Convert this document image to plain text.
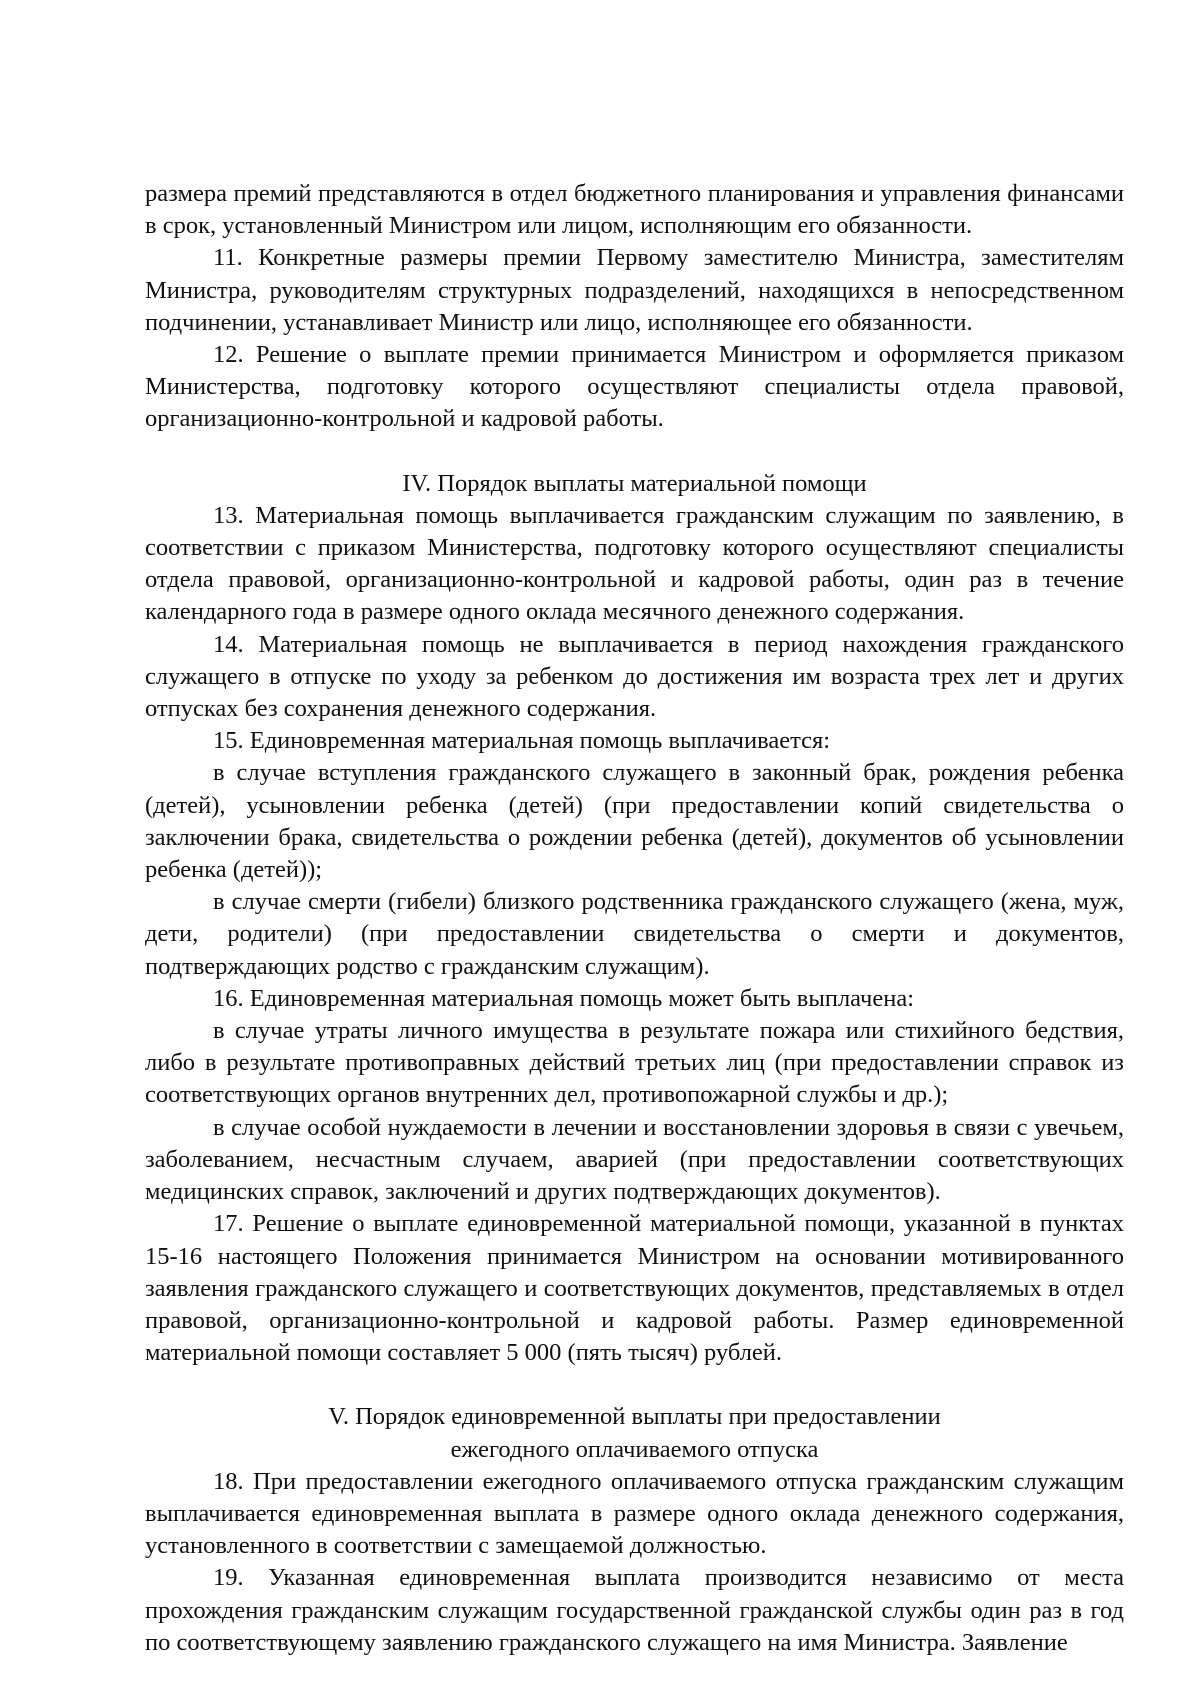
размера премий представляются в отдел бюджетного планирования и управления финансами в срок, установленный Министром или лицом, исполняющим его обязанности.

11. Конкретные размеры премии Первому заместителю Министра, заместителям Министра, руководителям структурных подразделений, находящихся в непосредственном подчинении, устанавливает Министр или лицо, исполняющее его обязанности.

12. Решение о выплате премии принимается Министром и оформляется приказом Министерства, подготовку которого осуществляют специалисты отдела правовой, организационно-контрольной и кадровой работы.

IV. Порядок выплаты материальной помощи

13. Материальная помощь выплачивается гражданским служащим по заявлению, в соответствии с приказом Министерства, подготовку которого осуществляют специалисты отдела правовой, организационно-контрольной и кадровой работы, один раз в течение календарного года в размере одного оклада месячного денежного содержания.

14. Материальная помощь не выплачивается в период нахождения гражданского служащего в отпуске по уходу за ребенком до достижения им возраста трех лет и других отпусках без сохранения денежного содержания.

15. Единовременная материальная помощь выплачивается:

в случае вступления гражданского служащего в законный брак, рождения ребенка (детей), усыновлении ребенка (детей) (при предоставлении копий свидетельства о заключении брака, свидетельства о рождении ребенка (детей), документов об усыновлении ребенка (детей));

в случае смерти (гибели) близкого родственника гражданского служащего (жена, муж, дети, родители) (при предоставлении свидетельства о смерти и документов, подтверждающих родство с гражданским служащим).

16. Единовременная материальная помощь может быть выплачена:

в случае утраты личного имущества в результате пожара или стихийного бедствия, либо в результате противоправных действий третьих лиц (при предоставлении справок из соответствующих органов внутренних дел, противопожарной службы и др.);

в случае особой нуждаемости в лечении и восстановлении здоровья в связи с увечьем, заболеванием, несчастным случаем, аварией (при предоставлении соответствующих медицинских справок, заключений и других подтверждающих документов).

17. Решение о выплате единовременной материальной помощи, указанной в пунктах 15-16 настоящего Положения принимается Министром на основании мотивированного заявления гражданского служащего и соответствующих документов, представляемых в отдел правовой, организационно-контрольной и кадровой работы. Размер единовременной материальной помощи составляет 5 000 (пять тысяч) рублей.

V. Порядок единовременной выплаты при предоставлении

ежегодного оплачиваемого отпуска

18. При предоставлении ежегодного оплачиваемого отпуска гражданским служащим выплачивается единовременная выплата в размере одного оклада денежного содержания, установленного в соответствии с замещаемой должностью.

19. Указанная единовременная выплата производится независимо от места прохождения гражданским служащим государственной гражданской службы один раз в год по соответствующему заявлению гражданского служащего на имя Министра. Заявление
